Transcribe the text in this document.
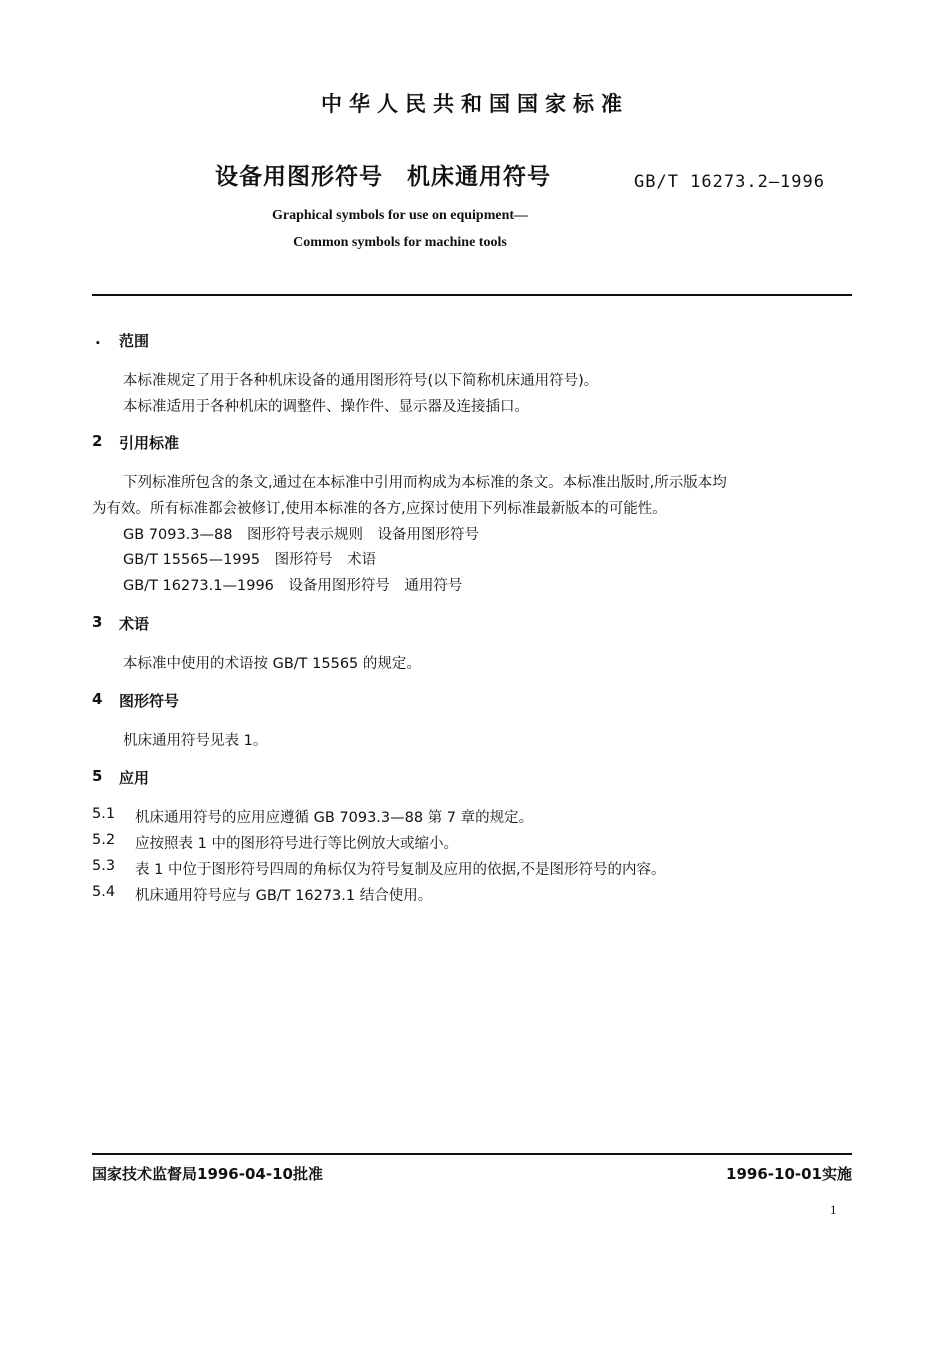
中华人民共和国国家标准
设备用图形符号　机床通用符号	GB/T 16273.2—1996
Graphical symbols for use on equipment—
Common symbols for machine tools
. 范围
本标准规定了用于各种机床设备的通用图形符号(以下简称机床通用符号)。
本标准适用于各种机床的调整件、操作件、显示器及连接插口。
2 引用标准
下列标准所包含的条文,通过在本标准中引用而构成为本标准的条文。本标准出版时,所示版本均
为有效。所有标准都会被修订,使用本标准的各方,应探讨使用下列标准最新版本的可能性。
GB 7093.3—88　图形符号表示规则　设备用图形符号
GB/T 15565—1995　图形符号　术语
GB/T 16273.1—1996　设备用图形符号　通用符号
3 术语
本标准中使用的术语按 GB/T 15565 的规定。
4 图形符号
机床通用符号见表 1。
5 应用
5.1 机床通用符号的应用应遵循 GB 7093.3—88 第 7 章的规定。
5.2 应按照表 1 中的图形符号进行等比例放大或缩小。
5.3 表 1 中位于图形符号四周的角标仅为符号复制及应用的依据,不是图形符号的内容。
5.4 机床通用符号应与 GB/T 16273.1 结合使用。
国家技术监督局1996-04-10批准	1996-10-01实施
1
